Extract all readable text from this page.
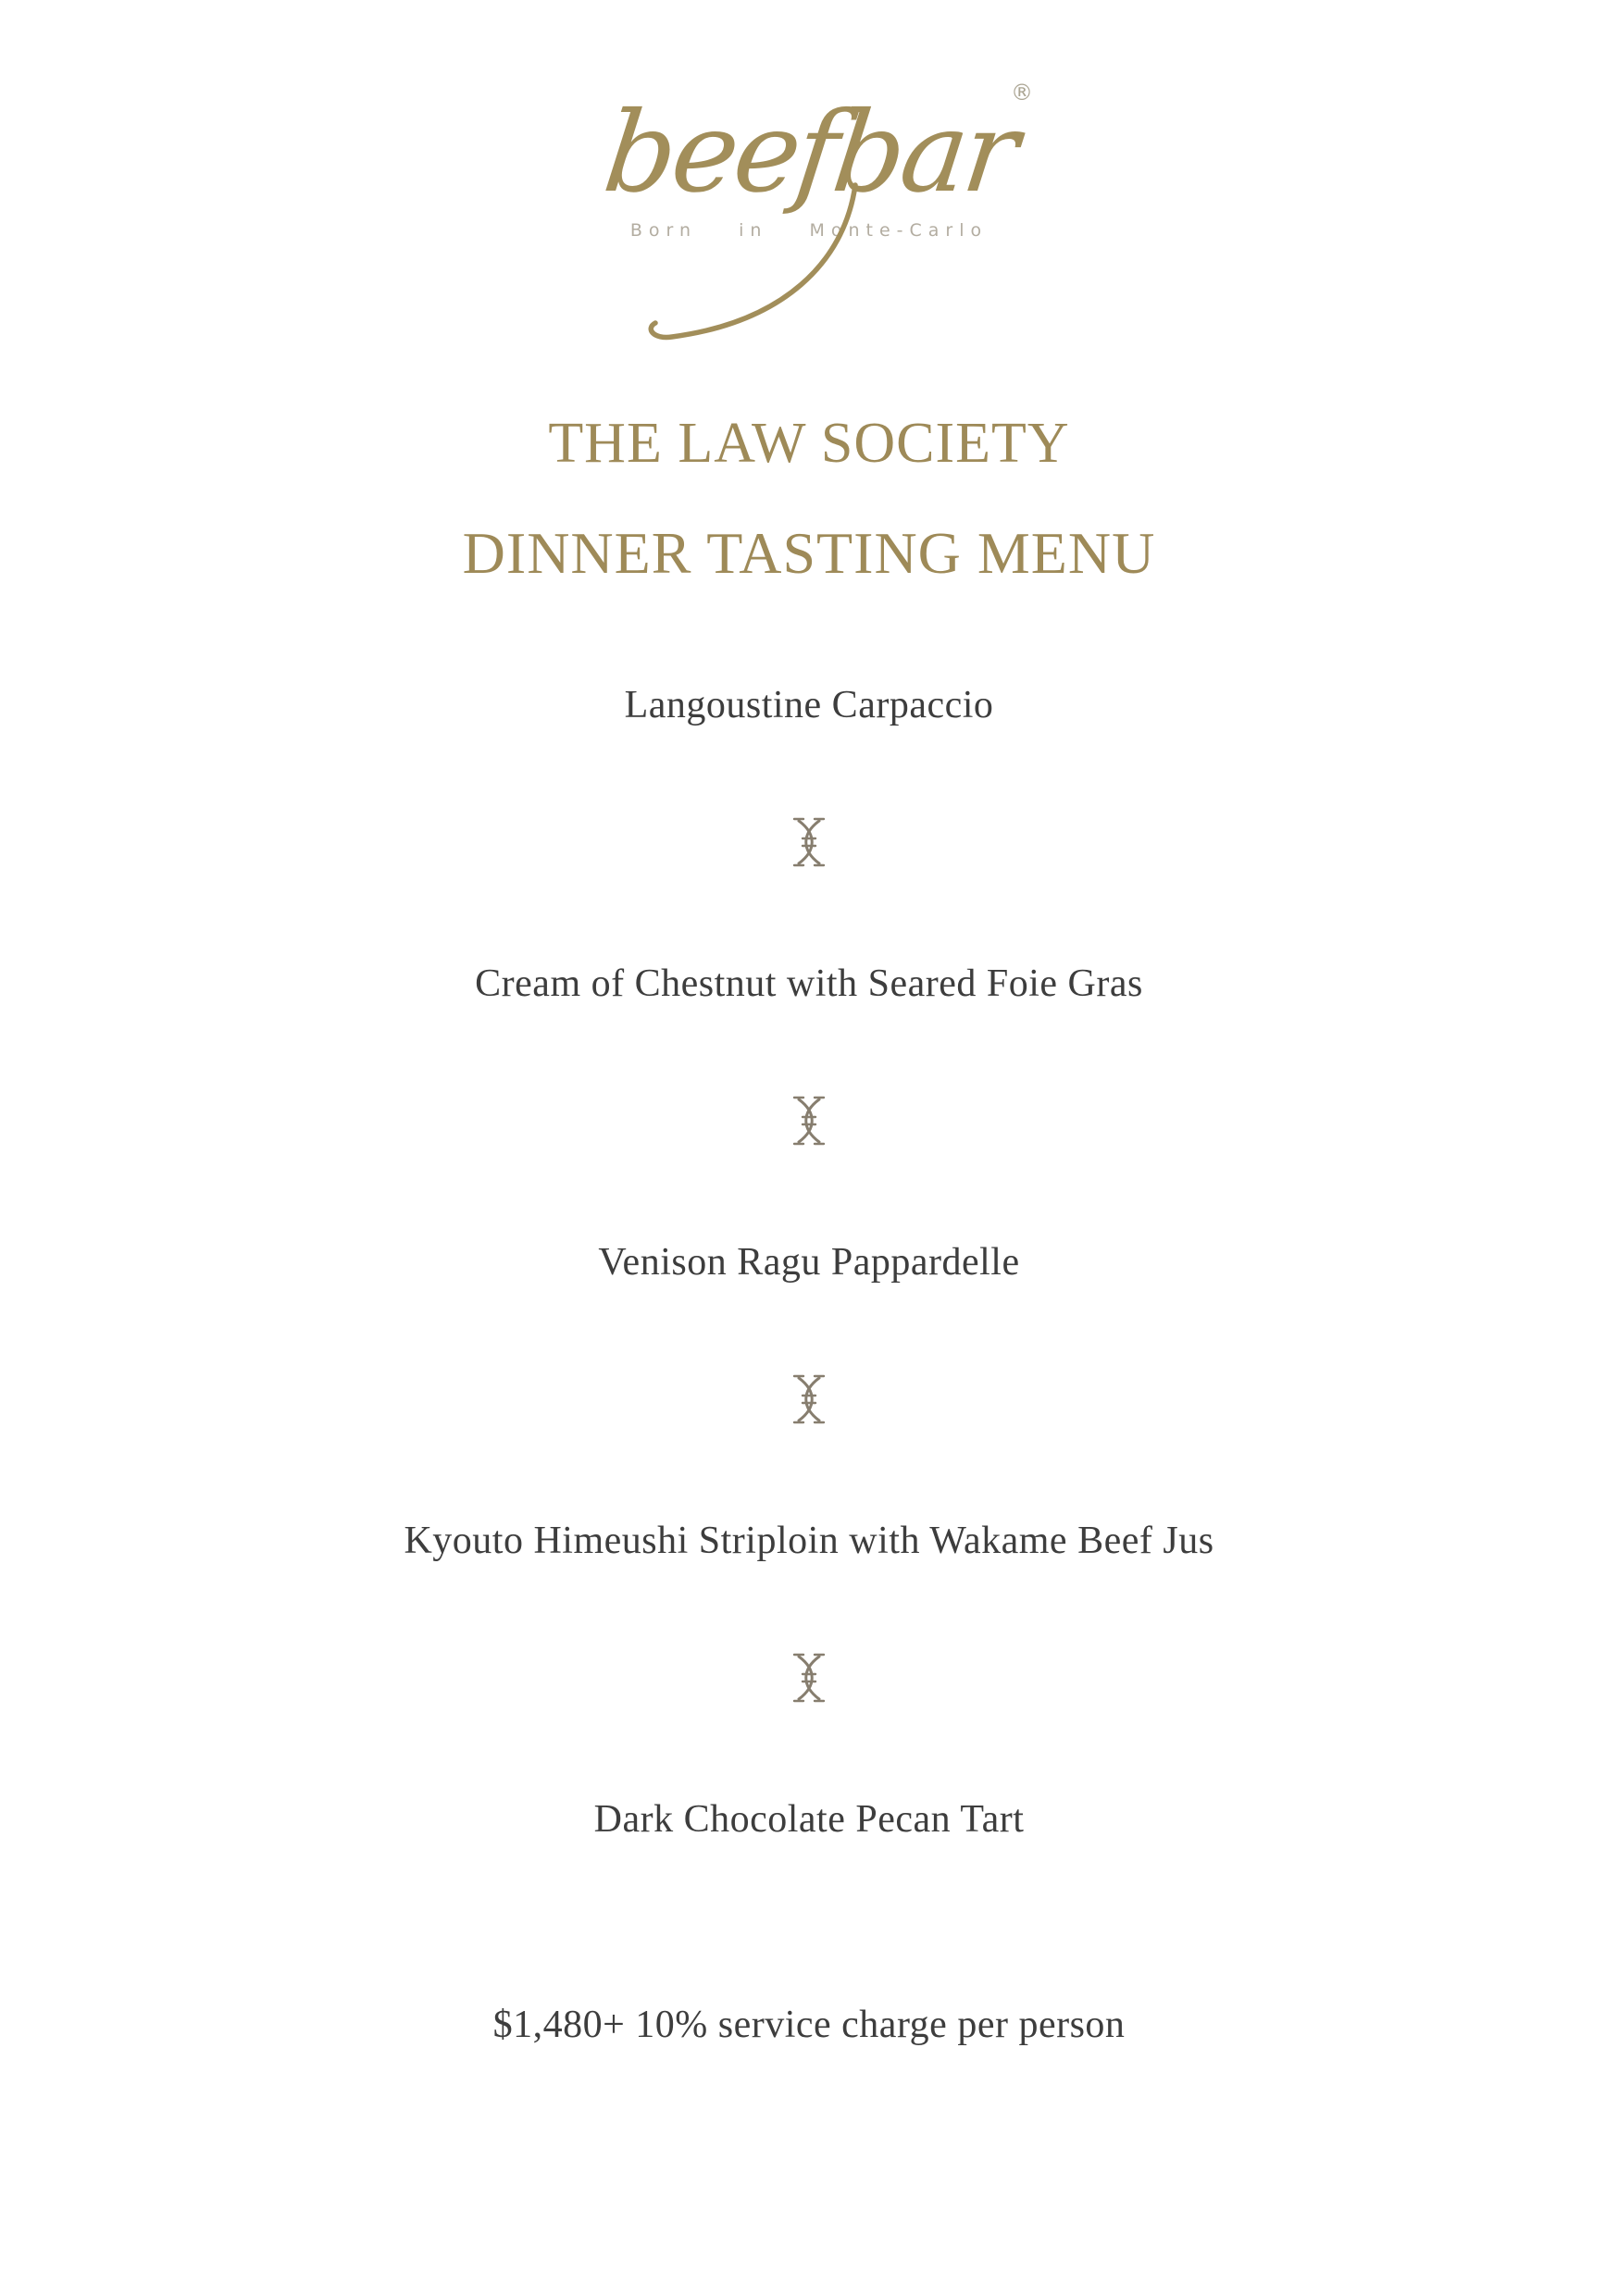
beefbar
®
Born in Monte-Carlo
THE LAW SOCIETY
DINNER TASTING MENU
Langoustine Carpaccio
Cream of Chestnut with Seared Foie Gras
Venison Ragu Pappardelle
Kyouto Himeushi Striploin with Wakame Beef Jus
Dark Chocolate Pecan Tart
$1,480+ 10% service charge per person
